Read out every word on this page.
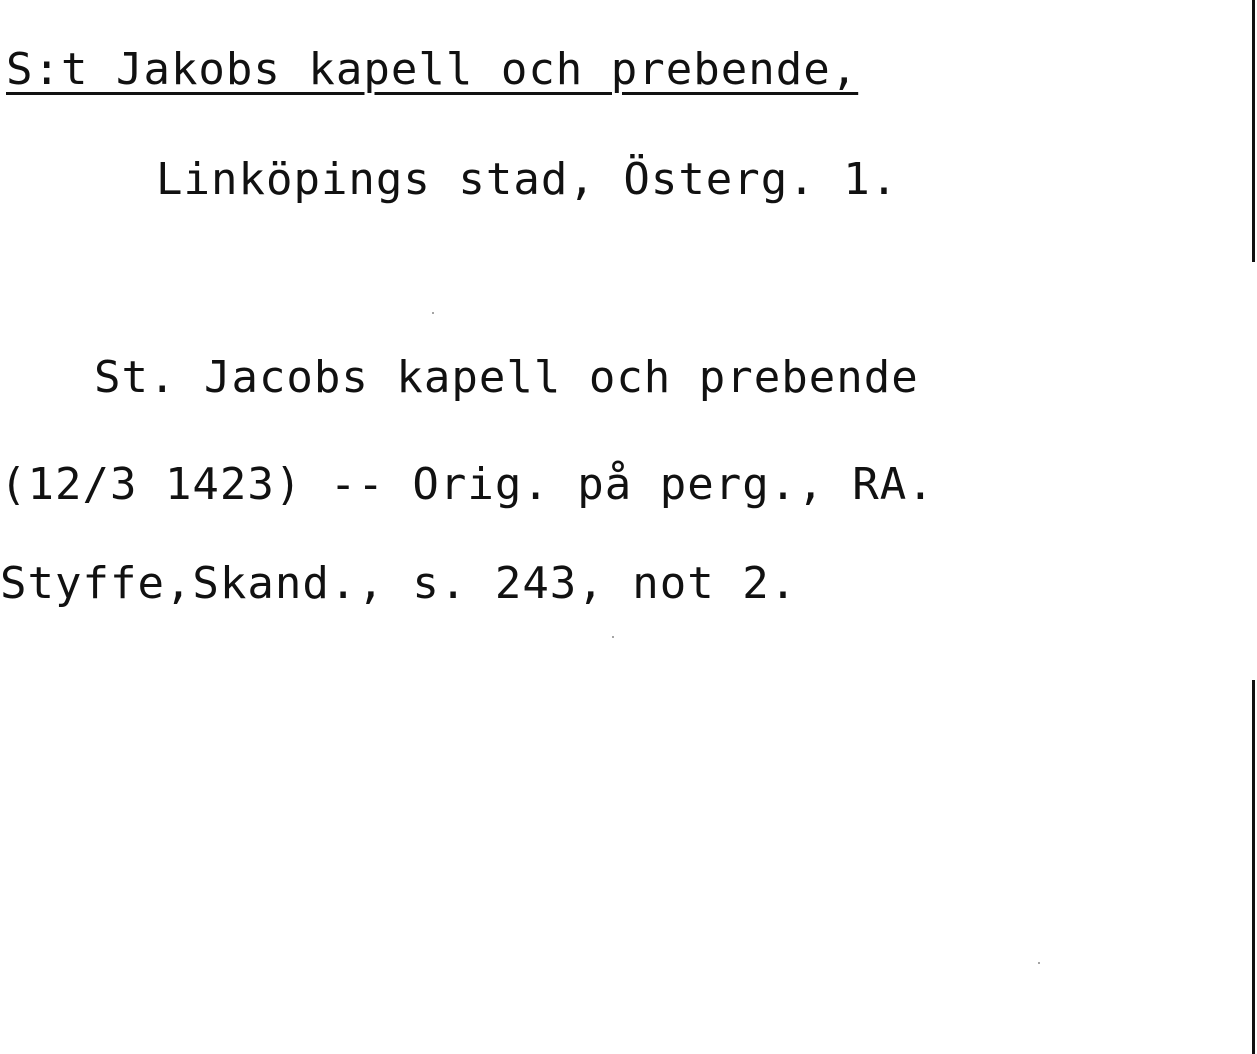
S:t Jakobs kapell och prebende,
Linköpings stad, Österg. 1.
St. Jacobs kapell och prebende
(12/3 1423) -- Orig. på perg., RA.
Styffe,Skand., s. 243, not 2.
